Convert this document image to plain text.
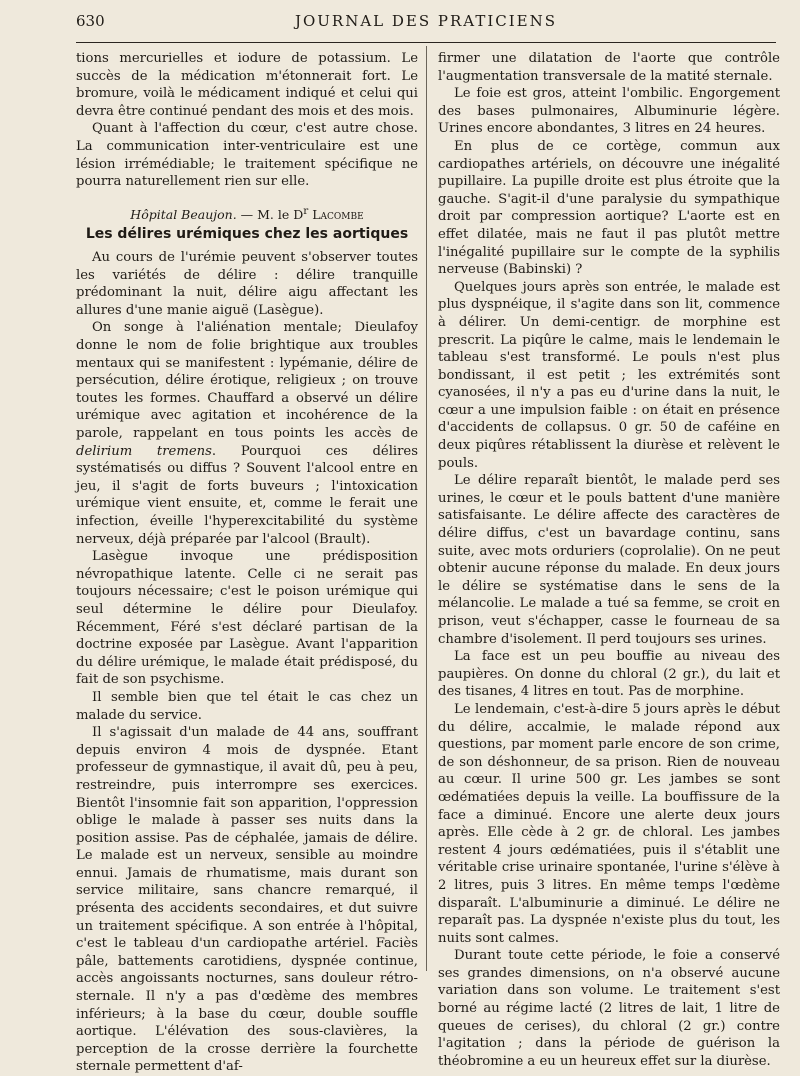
630	JOURNAL DES PRATICIENS

tions mercurielles et iodure de potassium. Le succès de la médication m'étonnerait fort. Le bromure, voilà le médicament indiqué et celui qui devra être continué pendant des mois et des mois.

Quant à l'affection du cœur, c'est autre chose. La communication inter-ventriculaire est une lésion irrémédiable; le traitement spécifique ne pourra naturellement rien sur elle.

Hôpital Beaujon. — M. le $D^r$ Lacombe

Les délires urémiques chez les aortiques

Au cours de l'urémie peuvent s'observer toutes les variétés de délire : délire tranquille prédominant la nuit, délire aigu affectant les allures d'une manie aiguë (Lasègue).

On songe à l'aliénation mentale; Dieulafoy donne le nom de folie brightique aux troubles mentaux qui se manifestent : lypémanie, délire de persécution, délire érotique, religieux ; on trouve toutes les formes. Chauffard a observé un délire urémique avec agitation et incohérence de la parole, rappelant en tous points les accès de delirium tremens. Pourquoi ces délires systématisés ou diffus ? Souvent l'alcool entre en jeu, il s'agit de forts buveurs ; l'intoxication urémique vient ensuite, et, comme le ferait une infection, éveille l'hyperexcitabilité du système nerveux, déjà préparée par l'alcool (Brault).

Lasègue invoque une prédisposition névropathique latente. Celle ci ne serait pas toujours nécessaire; c'est le poison urémique qui seul détermine le délire pour Dieulafoy. Récemment, Féré s'est déclaré partisan de la doctrine exposée par Lasègue. Avant l'apparition du délire urémique, le malade était prédisposé, du fait de son psychisme.

Il semble bien que tel était le cas chez un malade du service.

Il s'agissait d'un malade de 44 ans, souffrant depuis environ 4 mois de dyspnée. Etant professeur de gymnastique, il avait dû, peu à peu, restreindre, puis interrompre ses exercices. Bientôt l'insomnie fait son apparition, l'oppression oblige le malade à passer ses nuits dans la position assise. Pas de céphalée, jamais de délire. Le malade est un nerveux, sensible au moindre ennui. Jamais de rhumatisme, mais durant son service militaire, sans chancre remarqué, il présenta des accidents secondaires, et dut suivre un traitement spécifique. A son entrée à l'hôpital, c'est le tableau d'un cardiopathe artériel. Faciès pâle, battements carotidiens, dyspnée continue, accès angoissants nocturnes, sans douleur rétro-sternale. Il n'y a pas d'œdème des membres inférieurs; à la base du cœur, double souffle aortique. L'élévation des sous-clavières, la perception de la crosse derrière la fourchette sternale permettent d'af-

firmer une dilatation de l'aorte que contrôle l'augmentation transversale de la matité sternale.

Le foie est gros, atteint l'ombilic. Engorgement des bases pulmonaires, Albuminurie légère. Urines encore abondantes, 3 litres en 24 heures.

En plus de ce cortège, commun aux cardiopathes artériels, on découvre une inégalité pupillaire. La pupille droite est plus étroite que la gauche. S'agit-il d'une paralysie du sympathique droit par compression aortique? L'aorte est en effet dilatée, mais ne faut il pas plutôt mettre l'inégalité pupillaire sur le compte de la syphilis nerveuse (Babinski) ?

Quelques jours après son entrée, le malade est plus dyspnéique, il s'agite dans son lit, commence à délirer. Un demi-centigr. de morphine est prescrit. La piqûre le calme, mais le lendemain le tableau s'est transformé. Le pouls n'est plus bondissant, il est petit ; les extrémités sont cyanosées, il n'y a pas eu d'urine dans la nuit, le cœur a une impulsion faible : on était en présence d'accidents de collapsus. 0 gr. 50 de caféine en deux piqûres rétablissent la diurèse et relèvent le pouls.

Le délire reparaît bientôt, le malade perd ses urines, le cœur et le pouls battent d'une manière satisfaisante. Le délire affecte des caractères de délire diffus, c'est un bavardage continu, sans suite, avec mots orduriers (coprolalie). On ne peut obtenir aucune réponse du malade. En deux jours le délire se systématise dans le sens de la mélancolie. Le malade a tué sa femme, se croit en prison, veut s'échapper, casse le fourneau de sa chambre d'isolement. Il perd toujours ses urines.

La face est un peu bouffie au niveau des paupières. On donne du chloral (2 gr.), du lait et des tisanes, 4 litres en tout. Pas de morphine.

Le lendemain, c'est-à-dire 5 jours après le début du délire, accalmie, le malade répond aux questions, par moment parle encore de son crime, de son déshonneur, de sa prison. Rien de nouveau au cœur. Il urine 500 gr. Les jambes se sont œdématiées depuis la veille. La bouffissure de la face a diminué. Encore une alerte deux jours après. Elle cède à 2 gr. de chloral. Les jambes restent 4 jours œdématiées, puis il s'établit une véritable crise urinaire spontanée, l'urine s'élève à 2 litres, puis 3 litres. En même temps l'œdème disparaît. L'albuminurie a diminué. Le délire ne reparaît pas. La dyspnée n'existe plus du tout, les nuits sont calmes.

Durant toute cette période, le foie a conservé ses grandes dimensions, on n'a observé aucune variation dans son volume. Le traitement s'est borné au régime lacté (2 litres de lait, 1 litre de queues de cerises), du chloral (2 gr.) contre l'agitation ; dans la période de guérison la théobromine a eu un heureux effet sur la diurèse.
